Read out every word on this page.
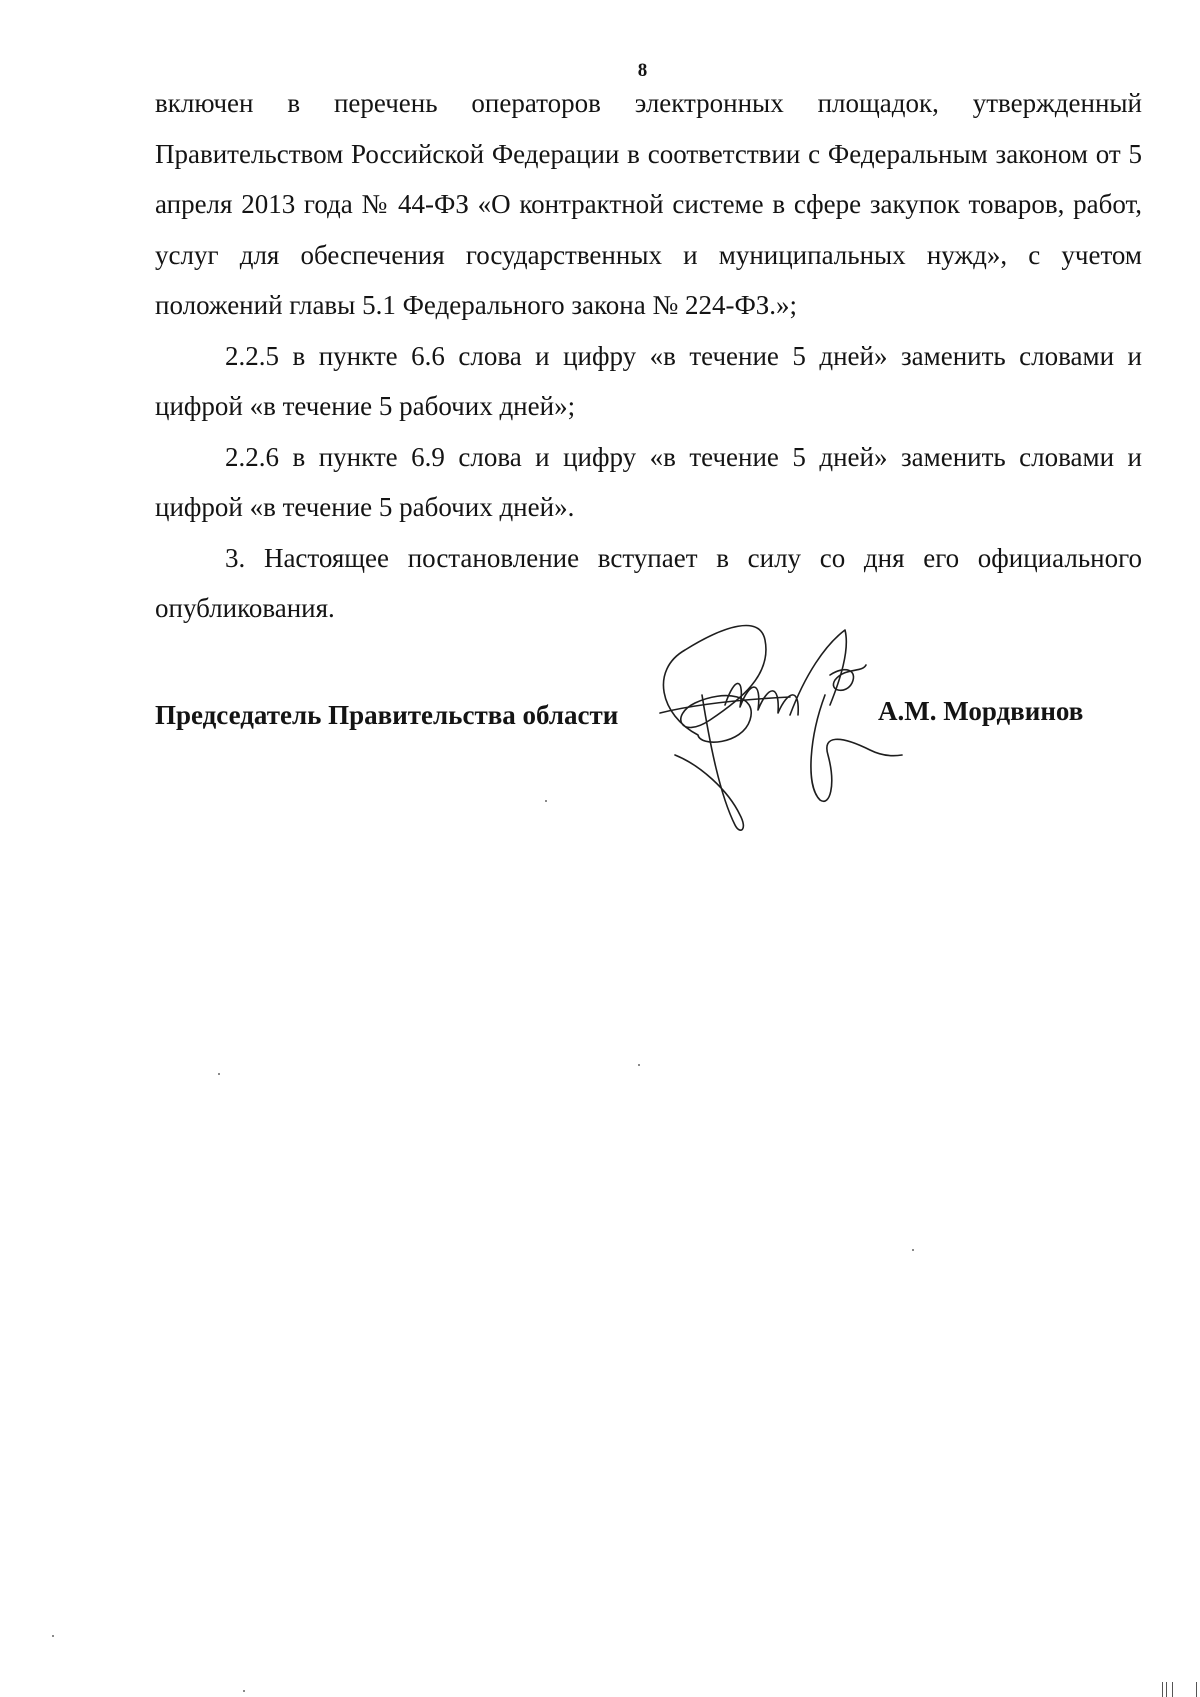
8

включен в перечень операторов электронных площадок, утвержденный Правительством Российской Федерации в соответствии с Федеральным законом от 5 апреля 2013 года № 44-ФЗ «О контрактной системе в сфере закупок товаров, работ, услуг для обеспечения государственных и муниципальных нужд», с учетом положений главы 5.1 Федерального закона № 224-ФЗ.»;

2.2.5 в пункте 6.6 слова и цифру «в течение 5 дней» заменить словами и цифрой «в течение 5 рабочих дней»;

2.2.6 в пункте 6.9 слова и цифру «в течение 5 дней» заменить словами и цифрой «в течение 5 рабочих дней».

3. Настоящее постановление вступает в силу со дня его официального опубликования.

Председатель Правительства области	А.М. Мордвинов
